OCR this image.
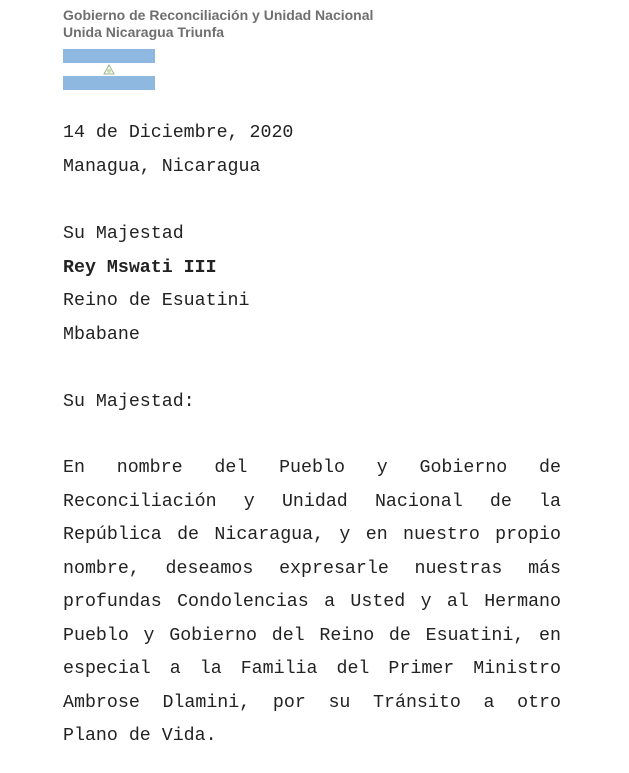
Gobierno de Reconciliación y Unidad Nacional
Unida Nicaragua Triunfa
14 de Diciembre, 2020
Managua, Nicaragua
Su Majestad
Rey Mswati III
Reino de Esuatini
Mbabane
Su Majestad:
En nombre del Pueblo y Gobierno de
Reconciliación y Unidad Nacional de la
República de Nicaragua, y en nuestro propio
nombre, deseamos expresarle nuestras más
profundas Condolencias a Usted y al Hermano
Pueblo y Gobierno del Reino de Esuatini, en
especial a la Familia del Primer Ministro
Ambrose Dlamini, por su Tránsito a otro
Plano de Vida.
